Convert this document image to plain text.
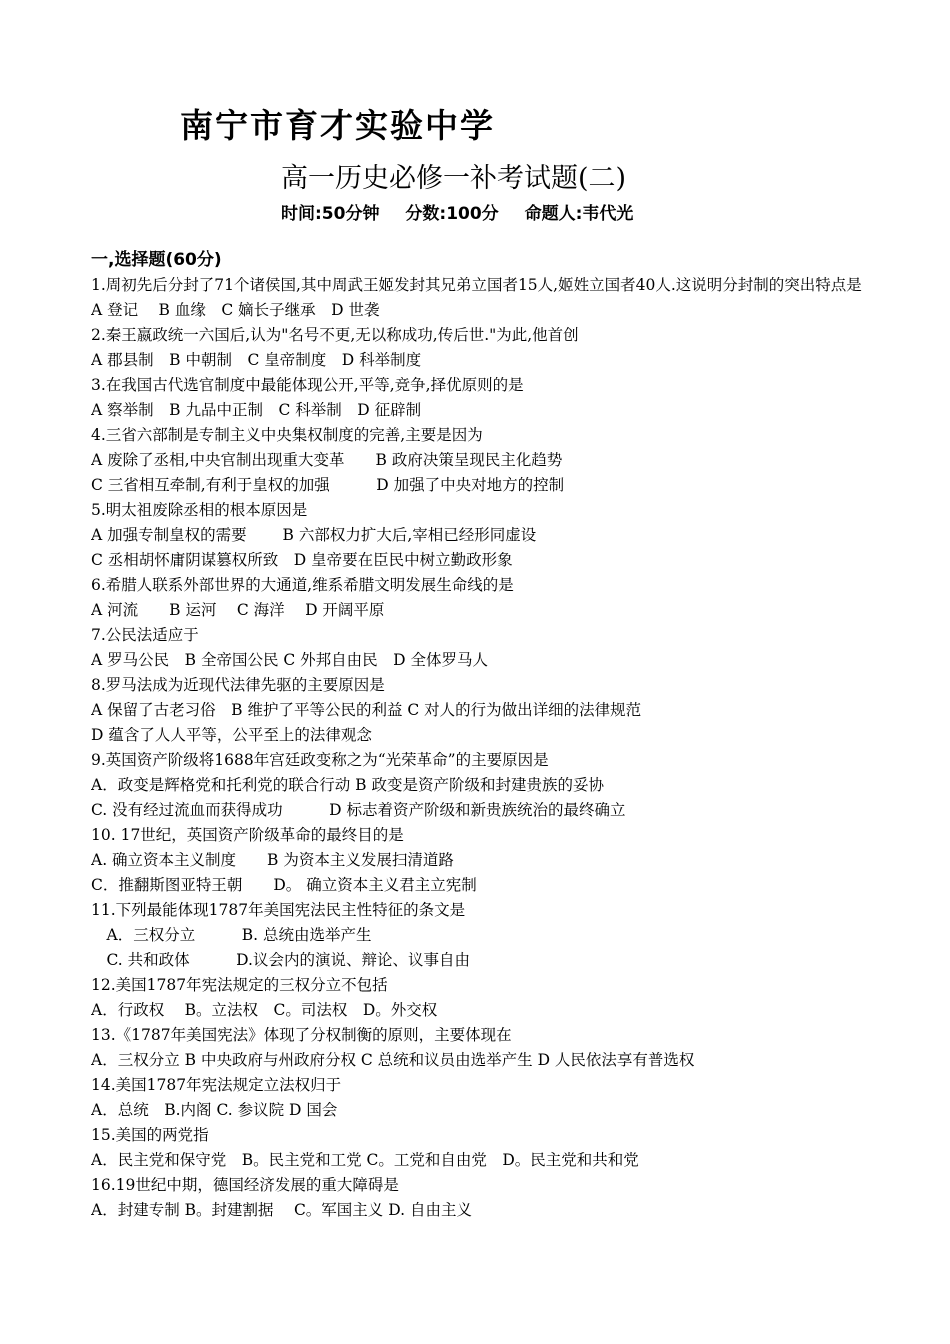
南宁市育才实验中学
高一历史必修一补考试题(二)
时间:50分钟 分数:100分 命题人:韦代光
一,选择题(60分)
1.周初先后分封了71个诸侯国,其中周武王姬发封其兄弟立国者15人,姬姓立国者40人.这说明分封制的突出特点是
A 登记　 B 血缘　C 嫡长子继承　D 世袭
2.秦王嬴政统一六国后,认为"名号不更,无以称成功,传后世."为此,他首创
A 郡县制　B 中朝制　C 皇帝制度　D 科举制度
3.在我国古代选官制度中最能体现公开,平等,竞争,择优原则的是
A 察举制　B 九品中正制　C 科举制　D 征辟制
4.三省六部制是专制主义中央集权制度的完善,主要是因为
A 废除了丞相,中央官制出现重大变革　　B 政府决策呈现民主化趋势
C 三省相互牵制,有利于皇权的加强　　　D 加强了中央对地方的控制
5.明太祖废除丞相的根本原因是
A 加强专制皇权的需要　　 B 六部权力扩大后,宰相已经形同虚设
C 丞相胡怀庸阴谋篡权所致　D 皇帝要在臣民中树立勤政形象
6.希腊人联系外部世界的大通道,维系希腊文明发展生命线的是
A 河流　　B 运河　 C 海洋　 D 开阔平原
7.公民法适应于
A 罗马公民　B 全帝国公民 C 外邦自由民　D 全体罗马人
8.罗马法成为近现代法律先驱的主要原因是
A 保留了古老习俗　B 维护了平等公民的利益 C 对人的行为做出详细的法律规范
D 蕴含了人人平等，公平至上的法律观念
9.英国资产阶级将1688年宫廷政变称之为“光荣革命”的主要原因是
A．政变是辉格党和托利党的联合行动 B 政变是资产阶级和封建贵族的妥协
C. 没有经过流血而获得成功　　　D 标志着资产阶级和新贵族统治的最终确立
10. 17世纪，英国资产阶级革命的最终目的是
A. 确立资本主义制度　　B 为资本主义发展扫清道路
C．推翻斯图亚特王朝　　D。 确立资本主义君主立宪制
11.下列最能体现1787年美国宪法民主性特征的条文是
　A．三权分立　　　B. 总统由选举产生
　C. 共和政体　　　D.议会内的演说、辩论、议事自由
12.美国1787年宪法规定的三权分立不包括
A．行政权　 B。立法权　C。司法权　D。外交权
13.《1787年美国宪法》体现了分权制衡的原则，主要体现在
A．三权分立 B 中央政府与州政府分权 C 总统和议员由选举产生 D 人民依法享有普选权
14.美国1787年宪法规定立法权归于
A．总统　B.内阁 C. 参议院 D 国会
15.美国的两党指
A．民主党和保守党　B。民主党和工党 C。工党和自由党　D。民主党和共和党
16.19世纪中期，德国经济发展的重大障碍是
A．封建专制 B。封建割据　 C。军国主义 D. 自由主义
